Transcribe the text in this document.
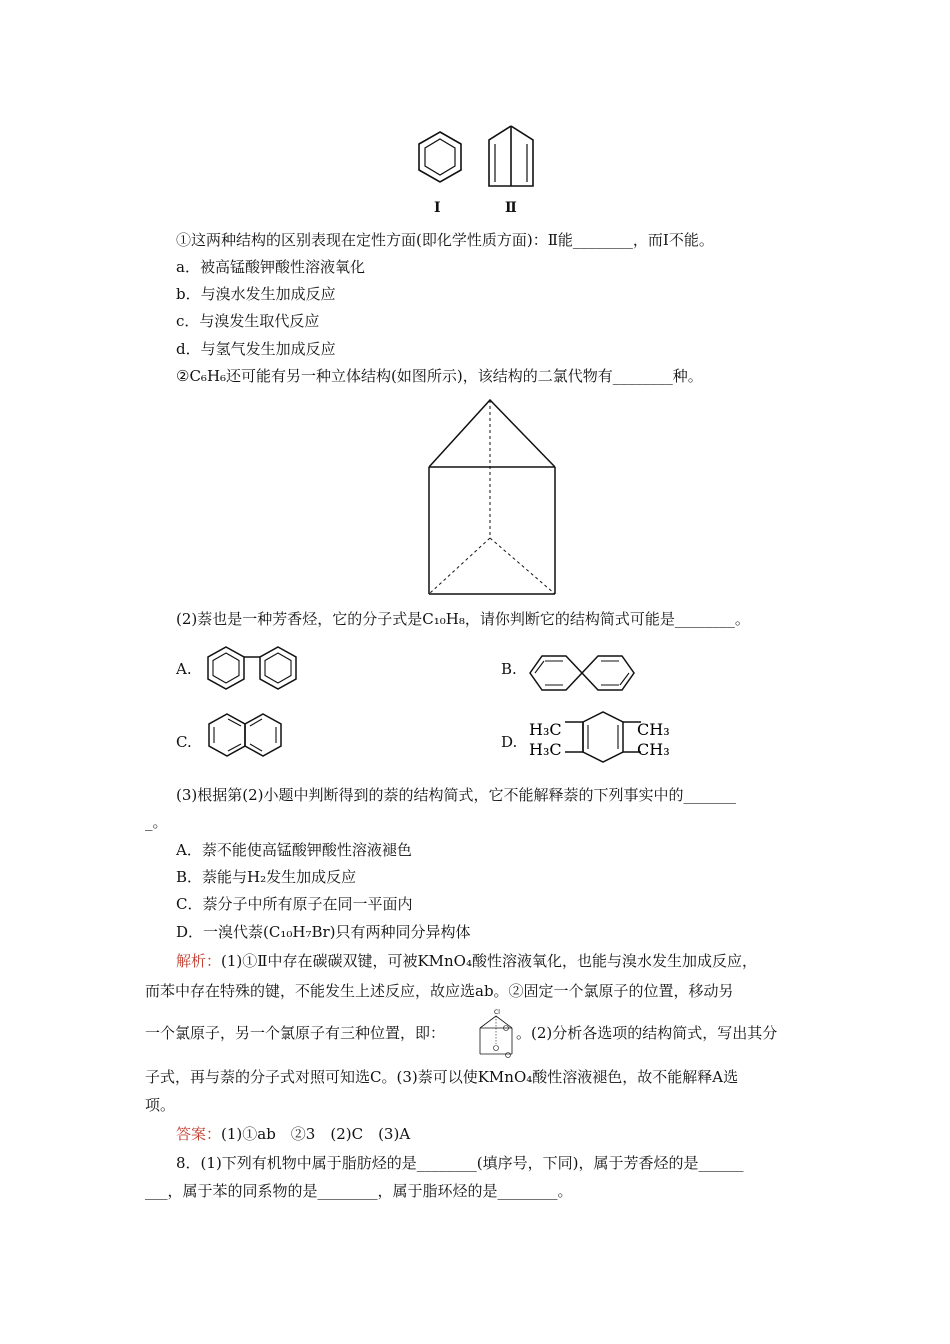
Ⅰ	Ⅱ
①这两种结构的区别表现在定性方面(即化学性质方面)：Ⅱ能________，而Ⅰ不能。
a．被高锰酸钾酸性溶液氧化
b．与溴水发生加成反应
c．与溴发生取代反应
d．与氢气发生加成反应
②C₆H₆还可能有另一种立体结构(如图所示)，该结构的二氯代物有________种。
(2)萘也是一种芳香烃，它的分子式是C₁₀H₈，请你判断它的结构简式可能是________。
A.	B.
C.	D.
H₃C
H₃C
CH₃
CH₃
(3)根据第(2)小题中判断得到的萘的结构简式，它不能解释萘的下列事实中的_______
_。
A．萘不能使高锰酸钾酸性溶液褪色
B．萘能与H₂发生加成反应
C．萘分子中所有原子在同一平面内
D．一溴代萘(C₁₀H₇Br)只有两种同分异构体
解析：(1)①Ⅱ中存在碳碳双键，可被KMnO₄酸性溶液氧化，也能与溴水发生加成反应，
而苯中存在特殊的键，不能发生上述反应，故应选ab。②固定一个氯原子的位置，移动另
一个氯原子，另一个氯原子有三种位置，即：
Cl
。(2)分析各选项的结构简式，写出其分
子式，再与萘的分子式对照可知选C。(3)萘可以使KMnO₄酸性溶液褪色，故不能解释A选
项。
答案：(1)①ab　②3　(2)C　(3)A
8．(1)下列有机物中属于脂肪烃的是________(填序号，下同)，属于芳香烃的是______
___，属于苯的同系物的是________，属于脂环烃的是________。
